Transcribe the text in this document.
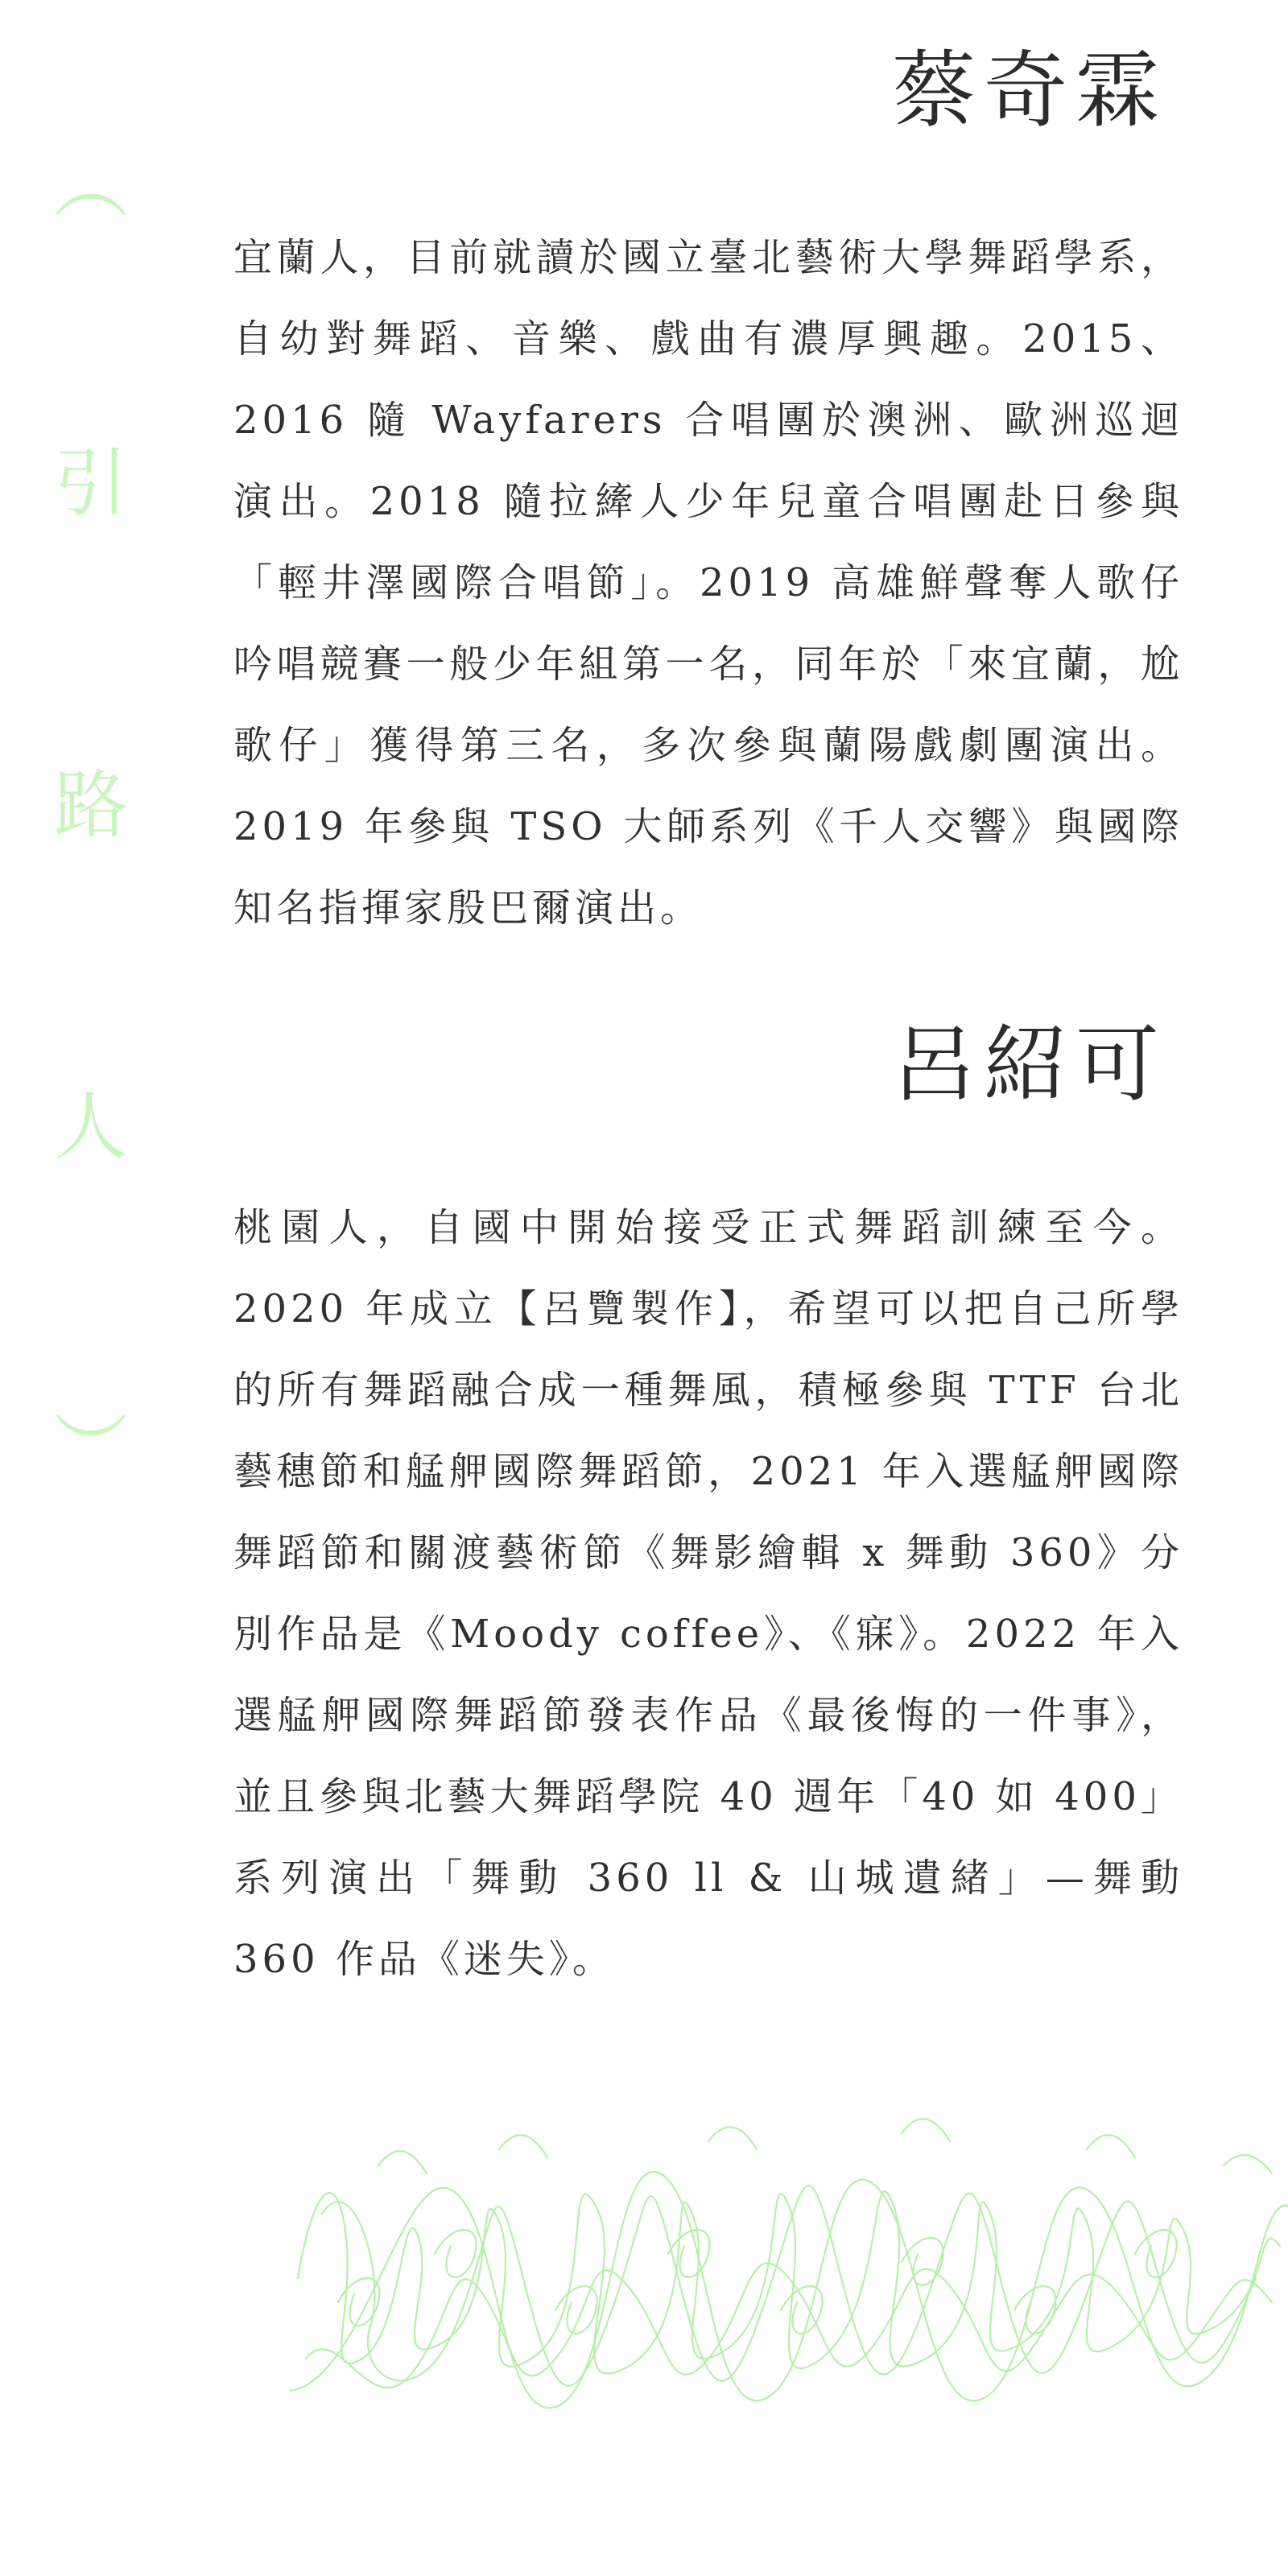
︵
引
路
人
︶
蔡奇霖

宜蘭人，目前就讀於國立臺北藝術大學舞蹈學系，自幼對舞蹈、音樂、戲曲有濃厚興趣。2015、2016 隨 Wayfarers 合唱團於澳洲、歐洲巡迴演出。2018 隨拉縴人少年兒童合唱團赴日參與「輕井澤國際合唱節」。2019 高雄鮮聲奪人歌仔吟唱競賽一般少年組第一名，同年於「來宜蘭，尬歌仔」獲得第三名，多次參與蘭陽戲劇團演出。2019 年參與 TSO 大師系列《千人交響》與國際知名指揮家殷巴爾演出。

呂紹可

桃園人，自國中開始接受正式舞蹈訓練至今。2020 年成立【呂覽製作】，希望可以把自己所學的所有舞蹈融合成一種舞風，積極參與 TTF 台北藝穗節和艋舺國際舞蹈節，2021 年入選艋舺國際舞蹈節和關渡藝術節《舞影繪輯 x 舞動 360》分別作品是《Moody coffee》、《寐》。2022 年入選艋舺國際舞蹈節發表作品《最後悔的一件事》，並且參與北藝大舞蹈學院 40 週年「40 如 400」系列演出「舞動 360 ll & 山城遺緒」—舞動 360 作品《迷失》。
